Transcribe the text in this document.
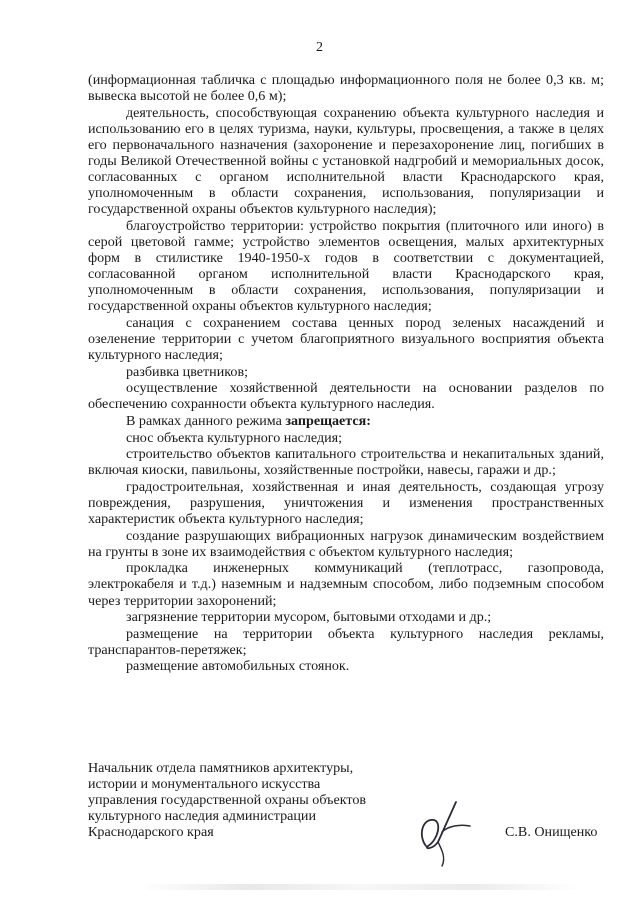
2

(информационная табличка с площадью информационного поля не более 0,3 кв. м; вывеска высотой не более 0,6 м);

деятельность, способствующая сохранению объекта культурного наследия и использованию его в целях туризма, науки, культуры, просвещения, а также в целях его первоначального назначения (захоронение и перезахоронение лиц, погибших в годы Великой Отечественной войны с установкой надгробий и мемориальных досок, согласованных с органом исполнительной власти Краснодарского края, уполномоченным в области сохранения, использования, популяризации и государственной охраны объектов культурного наследия);

благоустройство территории: устройство покрытия (плиточного или иного) в серой цветовой гамме; устройство элементов освещения, малых архитектурных форм в стилистике 1940-1950-х годов в соответствии с документацией, согласованной органом исполнительной власти Краснодарского края, уполномоченным в области сохранения, использования, популяризации и государственной охраны объектов культурного наследия;

санация с сохранением состава ценных пород зеленых насаждений и озеленение территории с учетом благоприятного визуального восприятия объекта культурного наследия;

разбивка цветников;

осуществление хозяйственной деятельности на основании разделов по обеспечению сохранности объекта культурного наследия.

В рамках данного режима запрещается:

снос объекта культурного наследия;

строительство объектов капитального строительства и некапитальных зданий, включая киоски, павильоны, хозяйственные постройки, навесы, гаражи и др.;

градостроительная, хозяйственная и иная деятельность, создающая угрозу повреждения, разрушения, уничтожения и изменения пространственных характеристик объекта культурного наследия;

создание разрушающих вибрационных нагрузок динамическим воздействием на грунты в зоне их взаимодействия с объектом культурного наследия;

прокладка инженерных коммуникаций (теплотрасс, газопровода, электрокабеля и т.д.) наземным и надземным способом, либо подземным способом через территории захоронений;

загрязнение территории мусором, бытовыми отходами и др.;

размещение на территории объекта культурного наследия рекламы, транспарантов-перетяжек;

размещение автомобильных стоянок.

Начальник отдела памятников архитектуры,
истории и монументального искусства
управления государственной охраны объектов
культурного наследия администрации
Краснодарского края	С.В. Онищенко
